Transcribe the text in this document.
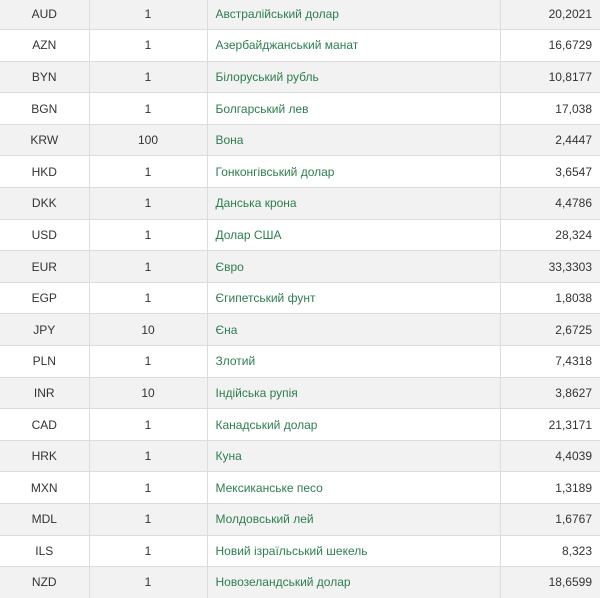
AUD	1	Австралійський долар	20,2021
AZN	1	Азербайджанський манат	16,6729
BYN	1	Білоруський рубль	10,8177
BGN	1	Болгарський лев	17,038
KRW	100	Вона	2,4447
HKD	1	Гонконгівський долар	3,6547
DKK	1	Данська крона	4,4786
USD	1	Долар США	28,324
EUR	1	Євро	33,3303
EGP	1	Єгипетський фунт	1,8038
JPY	10	Єна	2,6725
PLN	1	Злотий	7,4318
INR	10	Індійська рупія	3,8627
CAD	1	Канадський долар	21,3171
HRK	1	Куна	4,4039
MXN	1	Мексиканське песо	1,3189
MDL	1	Молдовський лей	1,6767
ILS	1	Новий ізраїльський шекель	8,323
NZD	1	Новозеландський долар	18,6599
